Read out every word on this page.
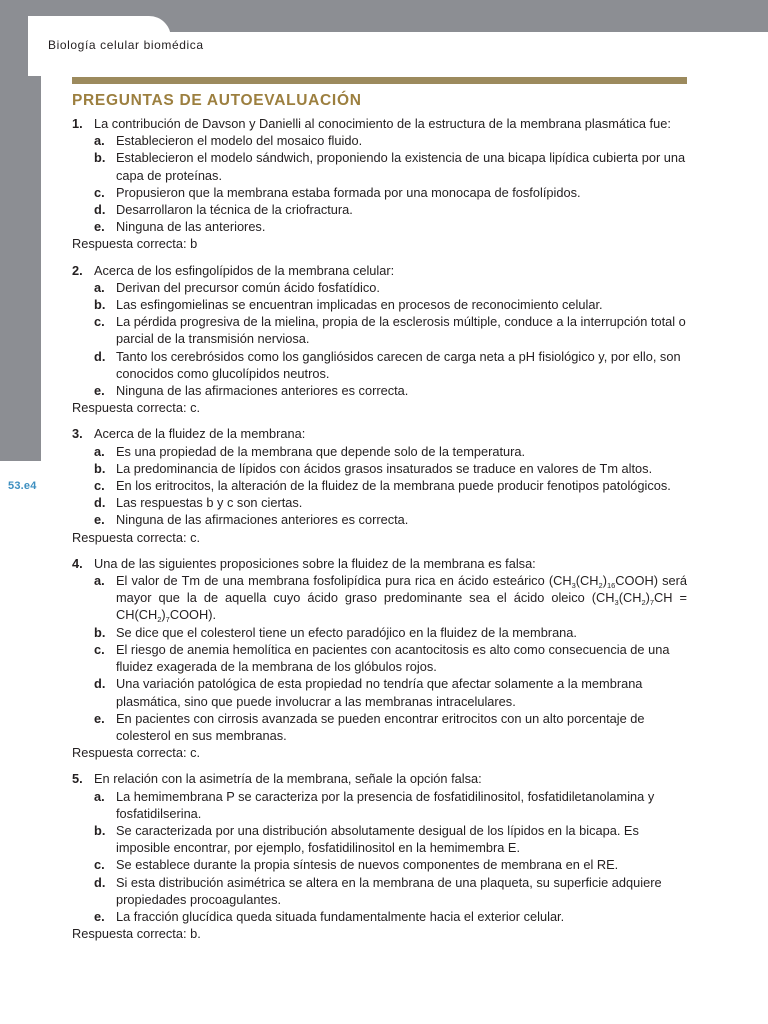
Biología celular biomédica
53.e4
PREGUNTAS DE AUTOEVALUACIÓN
1. La contribución de Davson y Danielli al conocimiento de la estructura de la membrana plasmática fue:
a. Establecieron el modelo del mosaico fluido.
b. Establecieron el modelo sándwich, proponiendo la existencia de una bicapa lipídica cubierta por una capa de proteínas.
c. Propusieron que la membrana estaba formada por una monocapa de fosfolípidos.
d. Desarrollaron la técnica de la criofractura.
e. Ninguna de las anteriores.
Respuesta correcta: b
2. Acerca de los esfingolípidos de la membrana celular:
a. Derivan del precursor común ácido fosfatídico.
b. Las esfingomielinas se encuentran implicadas en procesos de reconocimiento celular.
c. La pérdida progresiva de la mielina, propia de la esclerosis múltiple, conduce a la interrupción total o parcial de la transmisión nerviosa.
d. Tanto los cerebrósidos como los gangliósidos carecen de carga neta a pH fisiológico y, por ello, son conocidos como glucolípidos neutros.
e. Ninguna de las afirmaciones anteriores es correcta.
Respuesta correcta: c.
3. Acerca de la fluidez de la membrana:
a. Es una propiedad de la membrana que depende solo de la temperatura.
b. La predominancia de lípidos con ácidos grasos insaturados se traduce en valores de Tm altos.
c. En los eritrocitos, la alteración de la fluidez de la membrana puede producir fenotipos patológicos.
d. Las respuestas b y c son ciertas.
e. Ninguna de las afirmaciones anteriores es correcta.
Respuesta correcta: c.
4. Una de las siguientes proposiciones sobre la fluidez de la membrana es falsa:
a. El valor de Tm de una membrana fosfolipídica pura rica en ácido esteárico $(CH_3(CH_2)_{16}COOH)$ será mayor que la de aquella cuyo ácido graso predominante sea el ácido oleico ($CH_3(CH_2)_7CH$ = $CH(CH_2)_7COOH$).
b. Se dice que el colesterol tiene un efecto paradójico en la fluidez de la membrana.
c. El riesgo de anemia hemolítica en pacientes con acantocitosis es alto como consecuencia de una fluidez exagerada de la membrana de los glóbulos rojos.
d. Una variación patológica de esta propiedad no tendría que afectar solamente a la membrana plasmática, sino que puede involucrar a las membranas intracelulares.
e. En pacientes con cirrosis avanzada se pueden encontrar eritrocitos con un alto porcentaje de colesterol en sus membranas.
Respuesta correcta: c.
5. En relación con la asimetría de la membrana, señale la opción falsa:
a. La hemimembrana P se caracteriza por la presencia de fosfatidilinositol, fosfatidiletanolamina y fosfatidilserina.
b. Se caracterizada por una distribución absolutamente desigual de los lípidos en la bicapa. Es imposible encontrar, por ejemplo, fosfatidilinositol en la hemimembra E.
c. Se establece durante la propia síntesis de nuevos componentes de membrana en el RE.
d. Si esta distribución asimétrica se altera en la membrana de una plaqueta, su superficie adquiere propiedades procoagulantes.
e. La fracción glucídica queda situada fundamentalmente hacia el exterior celular.
Respuesta correcta: b.
